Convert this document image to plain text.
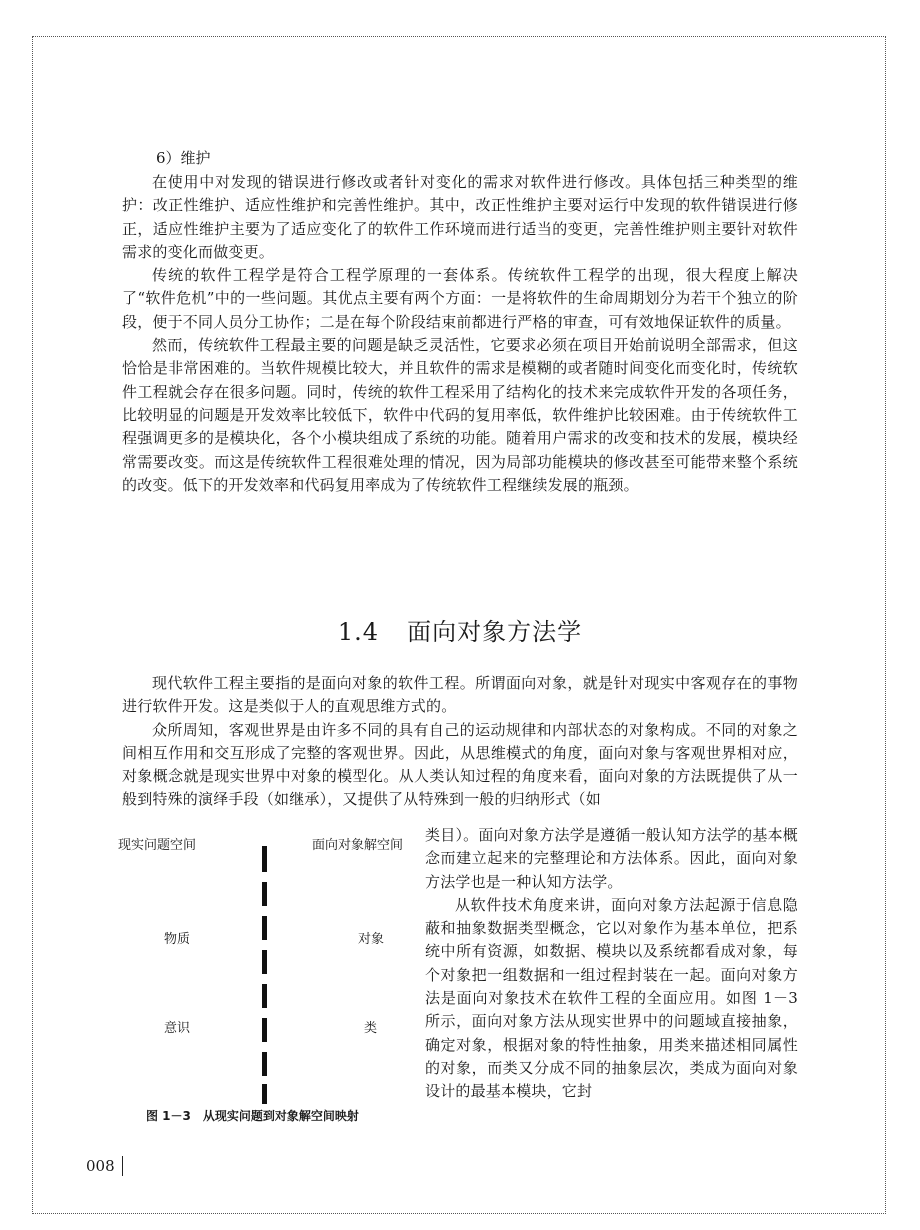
6）维护

在使用中对发现的错误进行修改或者针对变化的需求对软件进行修改。具体包括三种类型的维护：改正性维护、适应性维护和完善性维护。其中，改正性维护主要对运行中发现的软件错误进行修正，适应性维护主要为了适应变化了的软件工作环境而进行适当的变更，完善性维护则主要针对软件需求的变化而做变更。

传统的软件工程学是符合工程学原理的一套体系。传统软件工程学的出现，很大程度上解决了“软件危机”中的一些问题。其优点主要有两个方面：一是将软件的生命周期划分为若干个独立的阶段，便于不同人员分工协作；二是在每个阶段结束前都进行严格的审查，可有效地保证软件的质量。

然而，传统软件工程最主要的问题是缺乏灵活性，它要求必须在项目开始前说明全部需求，但这恰恰是非常困难的。当软件规模比较大，并且软件的需求是模糊的或者随时间变化而变化时，传统软件工程就会存在很多问题。同时，传统的软件工程采用了结构化的技术来完成软件开发的各项任务，比较明显的问题是开发效率比较低下，软件中代码的复用率低，软件维护比较困难。由于传统软件工程强调更多的是模块化，各个小模块组成了系统的功能。随着用户需求的改变和技术的发展，模块经常需要改变。而这是传统软件工程很难处理的情况，因为局部功能模块的修改甚至可能带来整个系统的改变。低下的开发效率和代码复用率成为了传统软件工程继续发展的瓶颈。

1.4 面向对象方法学

现代软件工程主要指的是面向对象的软件工程。所谓面向对象，就是针对现实中客观存在的事物进行软件开发。这是类似于人的直观思维方式的。

众所周知，客观世界是由许多不同的具有自己的运动规律和内部状态的对象构成。不同的对象之间相互作用和交互形成了完整的客观世界。因此，从思维模式的角度，面向对象与客观世界相对应，对象概念就是现实世界中对象的模型化。从人类认知过程的角度来看，面向对象的方法既提供了从一般到特殊的演绎手段（如继承），又提供了从特殊到一般的归纳形式（如

现实问题空间	面向对象解空间
物质	对象
意识	类
图 1－3　从现实问题到对象解空间映射

类目）。面向对象方法学是遵循一般认知方法学的基本概念而建立起来的完整理论和方法体系。因此，面向对象方法学也是一种认知方法学。

从软件技术角度来讲，面向对象方法起源于信息隐蔽和抽象数据类型概念，它以对象作为基本单位，把系统中所有资源，如数据、模块以及系统都看成对象，每个对象把一组数据和一组过程封装在一起。面向对象方法是面向对象技术在软件工程的全面应用。如图 1－3 所示，面向对象方法从现实世界中的问题域直接抽象，确定对象，根据对象的特性抽象，用类来描述相同属性的对象，而类又分成不同的抽象层次，类成为面向对象设计的最基本模块，它封

008
